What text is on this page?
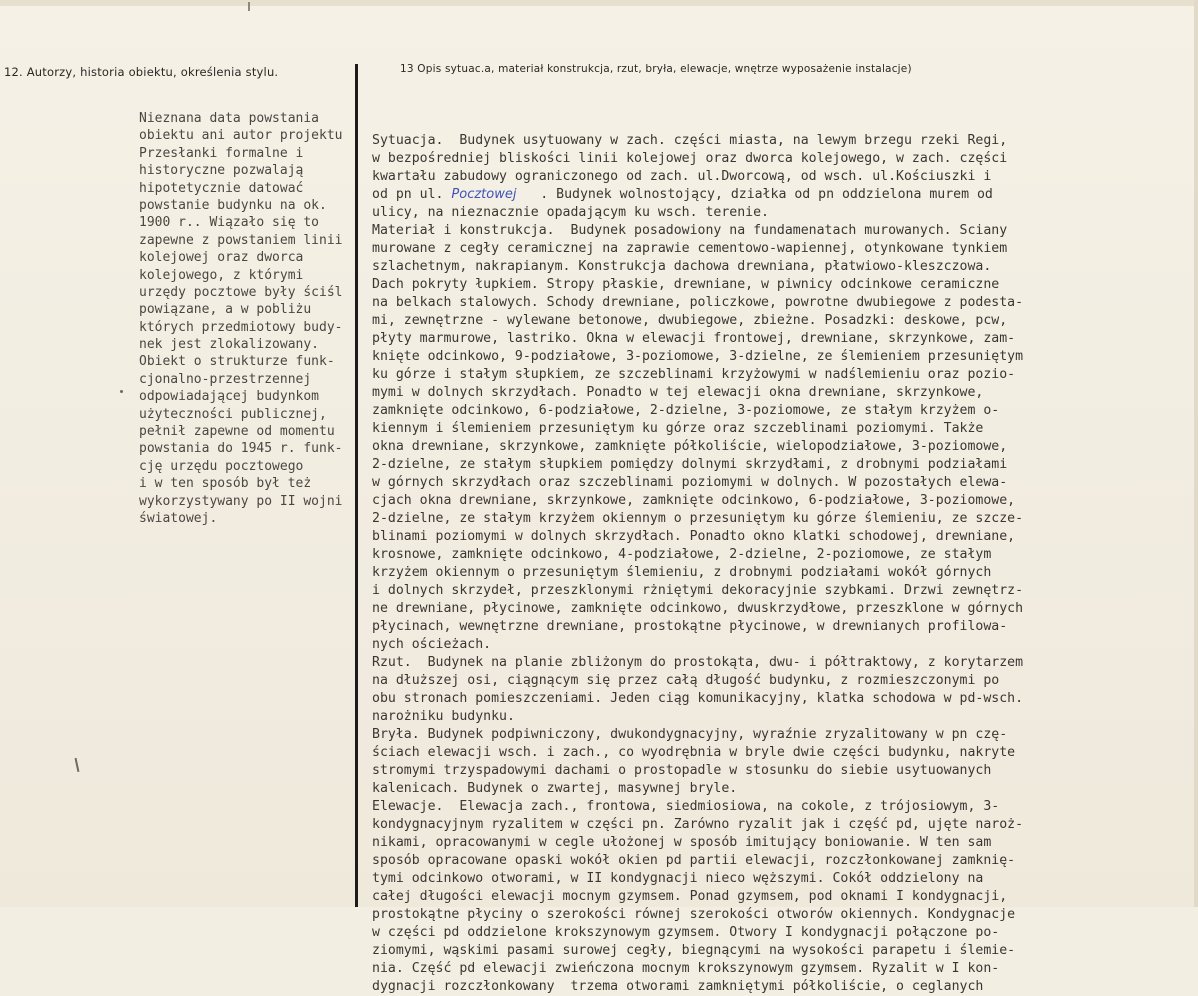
12. Autorzy, historia obiektu, określenia stylu.	13 Opis sytuac.a, materiał konstrukcja, rzut, bryła, elewacje, wnętrze wyposażenie instalacje)
Nieznana data powstania
obiektu ani autor projektu
Przesłanki formalne i
historyczne pozwalają
hipotetycznie datować
powstanie budynku na ok.
1900 r.. Wiązało się to
zapewne z powstaniem linii
kolejowej oraz dworca
kolejowego, z którymi
urzędy pocztowe były ściśl
powiązane, a w pobliżu
których przedmiotowy budy-
nek jest zlokalizowany.
Obiekt o strukturze funk-
cjonalno-przestrzennej
odpowiadającej budynkom
użyteczności publicznej,
pełnił zapewne od momentu
powstania do 1945 r. funk-
cję urzędu pocztowego
i w ten sposób był też
wykorzystywany po II wojni
światowej.

Sytuacja.  Budynek usytuowany w zach. części miasta, na lewym brzegu rzeki Regi,
w bezpośredniej bliskości linii kolejowej oraz dworca kolejowego, w zach. części
kwartału zabudowy ograniczonego od zach. ul.Dworcową, od wsch. ul.Kościuszki i
od pn ul. Pocztowej   . Budynek wolnostojący, działka od pn oddzielona murem od
ulicy, na nieznacznie opadającym ku wsch. terenie.
Materiał i konstrukcja.  Budynek posadowiony na fundamenatach murowanych. Sciany
murowane z cegły ceramicznej na zaprawie cementowo-wapiennej, otynkowane tynkiem
szlachetnym, nakrapianym. Konstrukcja dachowa drewniana, płatwiowo-kleszczowa.
Dach pokryty łupkiem. Stropy płaskie, drewniane, w piwnicy odcinkowe ceramiczne
na belkach stalowych. Schody drewniane, policzkowe, powrotne dwubiegowe z podesta-
mi, zewnętrzne - wylewane betonowe, dwubiegowe, zbieżne. Posadzki: deskowe, pcw,
płyty marmurowe, lastriko. Okna w elewacji frontowej, drewniane, skrzynkowe, zam-
knięte odcinkowo, 9-podziałowe, 3-poziomowe, 3-dzielne, ze ślemieniem przesuniętym
ku górze i stałym słupkiem, ze szczeblinami krzyżowymi w nadślemieniu oraz pozio-
mymi w dolnych skrzydłach. Ponadto w tej elewacji okna drewniane, skrzynkowe,
zamknięte odcinkowo, 6-podziałowe, 2-dzielne, 3-poziomowe, ze stałym krzyżem o-
kiennym i ślemieniem przesuniętym ku górze oraz szczeblinami poziomymi. Także
okna drewniane, skrzynkowe, zamknięte półkoliście, wielopodziałowe, 3-poziomowe,
2-dzielne, ze stałym słupkiem pomiędzy dolnymi skrzydłami, z drobnymi podziałami
w górnych skrzydłach oraz szczeblinami poziomymi w dolnych. W pozostałych elewa-
cjach okna drewniane, skrzynkowe, zamknięte odcinkowo, 6-podziałowe, 3-poziomowe,
2-dzielne, ze stałym krzyżem okiennym o przesuniętym ku górze ślemieniu, ze szcze-
blinami poziomymi w dolnych skrzydłach. Ponadto okno klatki schodowej, drewniane,
krosnowe, zamknięte odcinkowo, 4-podziałowe, 2-dzielne, 2-poziomowe, ze stałym
krzyżem okiennym o przesuniętym ślemieniu, z drobnymi podziałami wokół górnych
i dolnych skrzydeł, przeszklonymi rżniętymi dekoracyjnie szybkami. Drzwi zewnętrz-
ne drewniane, płycinowe, zamknięte odcinkowo, dwuskrzydłowe, przeszklone w górnych
płycinach, wewnętrzne drewniane, prostokątne płycinowe, w drewnianych profilowa-
nych ościeżach.
Rzut.  Budynek na planie zbliżonym do prostokąta, dwu- i półtraktowy, z korytarzem
na dłuższej osi, ciągnącym się przez całą długość budynku, z rozmieszczonymi po
obu stronach pomieszczeniami. Jeden ciąg komunikacyjny, klatka schodowa w pd-wsch.
narożniku budynku.
Bryła. Budynek podpiwniczony, dwukondygnacyjny, wyraźnie zryzalitowany w pn czę-
ściach elewacji wsch. i zach., co wyodrębnia w bryle dwie części budynku, nakryte
stromymi trzyspadowymi dachami o prostopadle w stosunku do siebie usytuowanych
kalenicach. Budynek o zwartej, masywnej bryle.
Elewacje.  Elewacja zach., frontowa, siedmiosiowa, na cokole, z trójosiowym, 3-
kondygnacyjnym ryzalitem w części pn. Zarówno ryzalit jak i część pd, ujęte naroż-
nikami, opracowanymi w cegle ułożonej w sposób imitujący boniowanie. W ten sam
sposób opracowane opaski wokół okien pd partii elewacji, rozczłonkowanej zamknię-
tymi odcinkowo otworami, w II kondygnacji nieco węższymi. Cokół oddzielony na
całej długości elewacji mocnym gzymsem. Ponad gzymsem, pod oknami I kondygnacji,
prostokątne płyciny o szerokości równej szerokości otworów okiennych. Kondygnacje
w części pd oddzielone krokszynowym gzymsem. Otwory I kondygnacji połączone po-
ziomymi, wąskimi pasami surowej cegły, biegnącymi na wysokości parapetu i ślemie-
nia. Część pd elewacji zwieńczona mocnym krokszynowym gzymsem. Ryzalit w I kon-
dygnacji rozczłonkowany  trzema otworami zamkniętymi półkoliście, o ceglanych
